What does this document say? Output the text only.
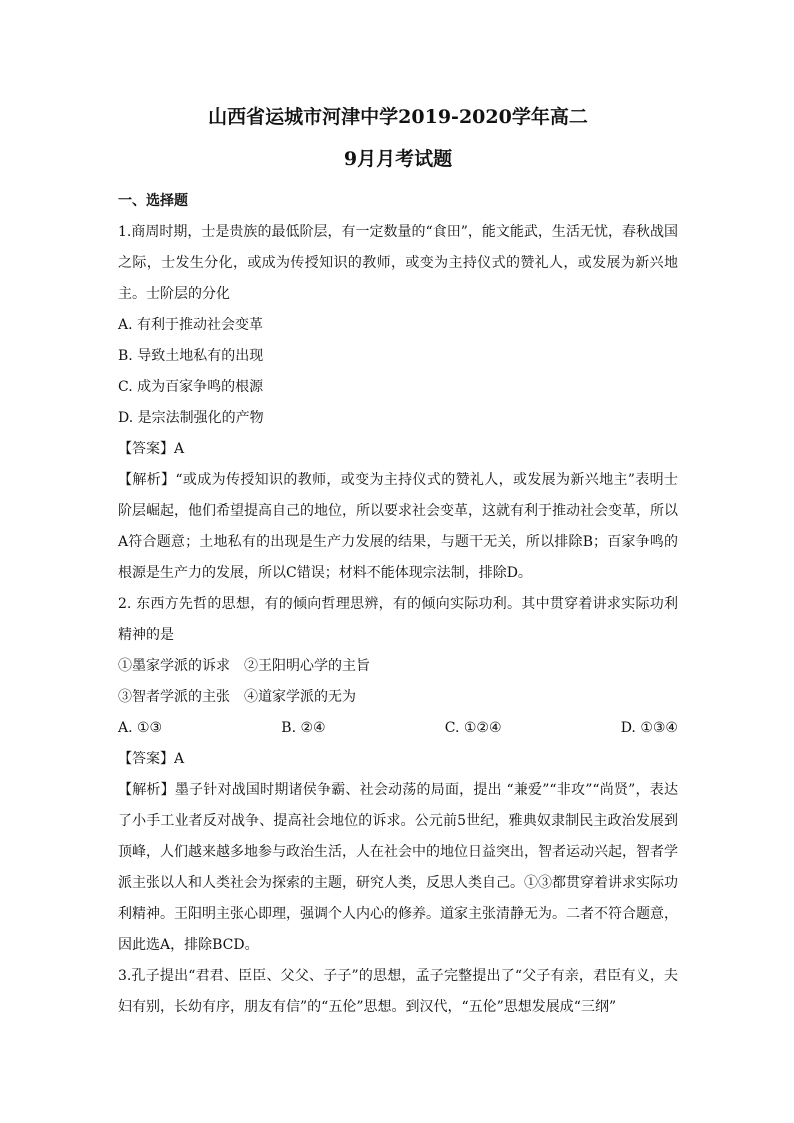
山西省运城市河津中学2019-2020学年高二

9月月考试题

一、选择题

1.商周时期，士是贵族的最低阶层，有一定数量的“食田”，能文能武，生活无忧，春秋战国之际，士发生分化，或成为传授知识的教师，或变为主持仪式的赞礼人，或发展为新兴地主。士阶层的分化

A. 有利于推动社会变革

B. 导致土地私有的出现

C. 成为百家争鸣的根源

D. 是宗法制强化的产物

【答案】A

【解析】“或成为传授知识的教师，或变为主持仪式的赞礼人，或发展为新兴地主”表明士阶层崛起，他们希望提高自己的地位，所以要求社会变革，这就有利于推动社会变革，所以A符合题意；土地私有的出现是生产力发展的结果，与题干无关，所以排除B；百家争鸣的根源是生产力的发展，所以C错误；材料不能体现宗法制，排除D。

2. 东西方先哲的思想，有的倾向哲理思辨，有的倾向实际功利。其中贯穿着讲求实际功利精神的是

①墨家学派的诉求　②王阳明心学的主旨

③智者学派的主张　④道家学派的无为

A. ①③	B. ②④	C. ①②④	D. ①③④

【答案】A

【解析】墨子针对战国时期诸侯争霸、社会动荡的局面，提出 “兼爱”“非攻”“尚贤”，表达了小手工业者反对战争、提高社会地位的诉求。公元前5世纪，雅典奴隶制民主政治发展到顶峰，人们越来越多地参与政治生活，人在社会中的地位日益突出，智者运动兴起，智者学派主张以人和人类社会为探索的主题，研究人类，反思人类自己。①③都贯穿着讲求实际功利精神。王阳明主张心即理，强调个人内心的修养。道家主张清静无为。二者不符合题意，因此选A，排除BCD。

3.孔子提出“君君、臣臣、父父、子子”的思想，孟子完整提出了“父子有亲，君臣有义，夫妇有别，长幼有序，朋友有信”的“五伦”思想。到汉代，“五伦”思想发展成“三纲”
